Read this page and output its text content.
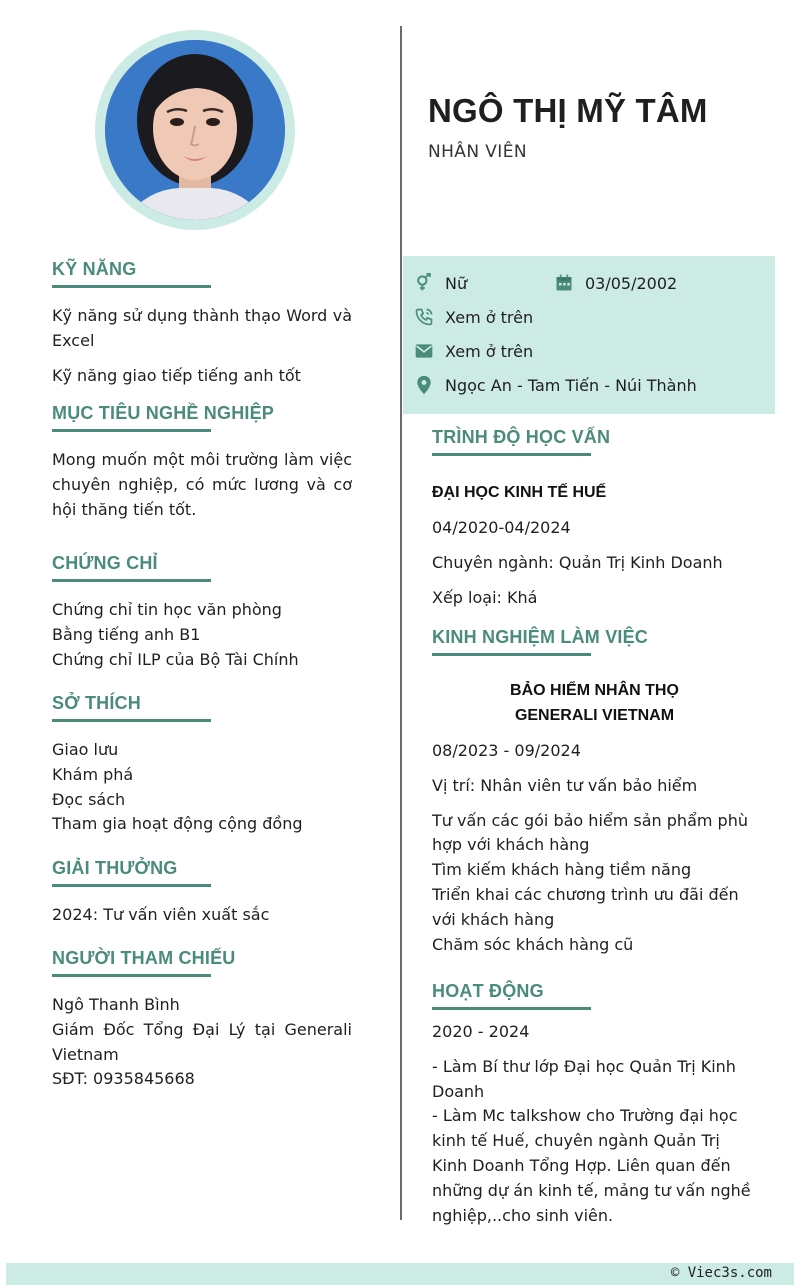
KỸ NĂNG
Kỹ năng sử dụng thành thạo Word và Excel
Kỹ năng giao tiếp tiếng anh tốt
MỤC TIÊU NGHỀ NGHIỆP
Mong muốn một môi trường làm việc chuyên nghiệp, có mức lương và cơ hội thăng tiến tốt.
CHỨNG CHỈ
Chứng chỉ tin học văn phòng
Bằng tiếng anh B1
Chứng chỉ ILP của Bộ Tài Chính
SỞ THÍCH
Giao lưu
Khám phá
Đọc sách
Tham gia hoạt động cộng đồng
GIẢI THƯỞNG
2024: Tư vấn viên xuất sắc
NGƯỜI THAM CHIẾU
Ngô Thanh Bình
Giám Đốc Tổng Đại Lý tại Generali Vietnam
SĐT: 0935845668
NGÔ THỊ MỸ TÂM
NHÂN VIÊN
Nữ	03/05/2002
Xem ở trên
Xem ở trên
Ngọc An - Tam Tiến - Núi Thành
TRÌNH ĐỘ HỌC VẤN
ĐẠI HỌC KINH TẾ HUẾ
04/2020-04/2024
Chuyên ngành: Quản Trị Kinh Doanh
Xếp loại: Khá
KINH NGHIỆM LÀM VIỆC
BẢO HIỂM NHÂN THỌ GENERALI VIETNAM
08/2023 - 09/2024
Vị trí: Nhân viên tư vấn bảo hiểm
Tư vấn các gói bảo hiểm sản phẩm phù hợp với khách hàng
Tìm kiếm khách hàng tiềm năng
Triển khai các chương trình ưu đãi đến với khách hàng
Chăm sóc khách hàng cũ
HOẠT ĐỘNG
2020 - 2024
- Làm Bí thư lớp Đại học Quản Trị Kinh Doanh
- Làm Mc talkshow cho Trường đại học kinh tế Huế, chuyên ngành Quản Trị Kinh Doanh Tổng Hợp. Liên quan đến những dự án kinh tế, mảng tư vấn nghề nghiệp,..cho sinh viên.
© Viec3s.com
